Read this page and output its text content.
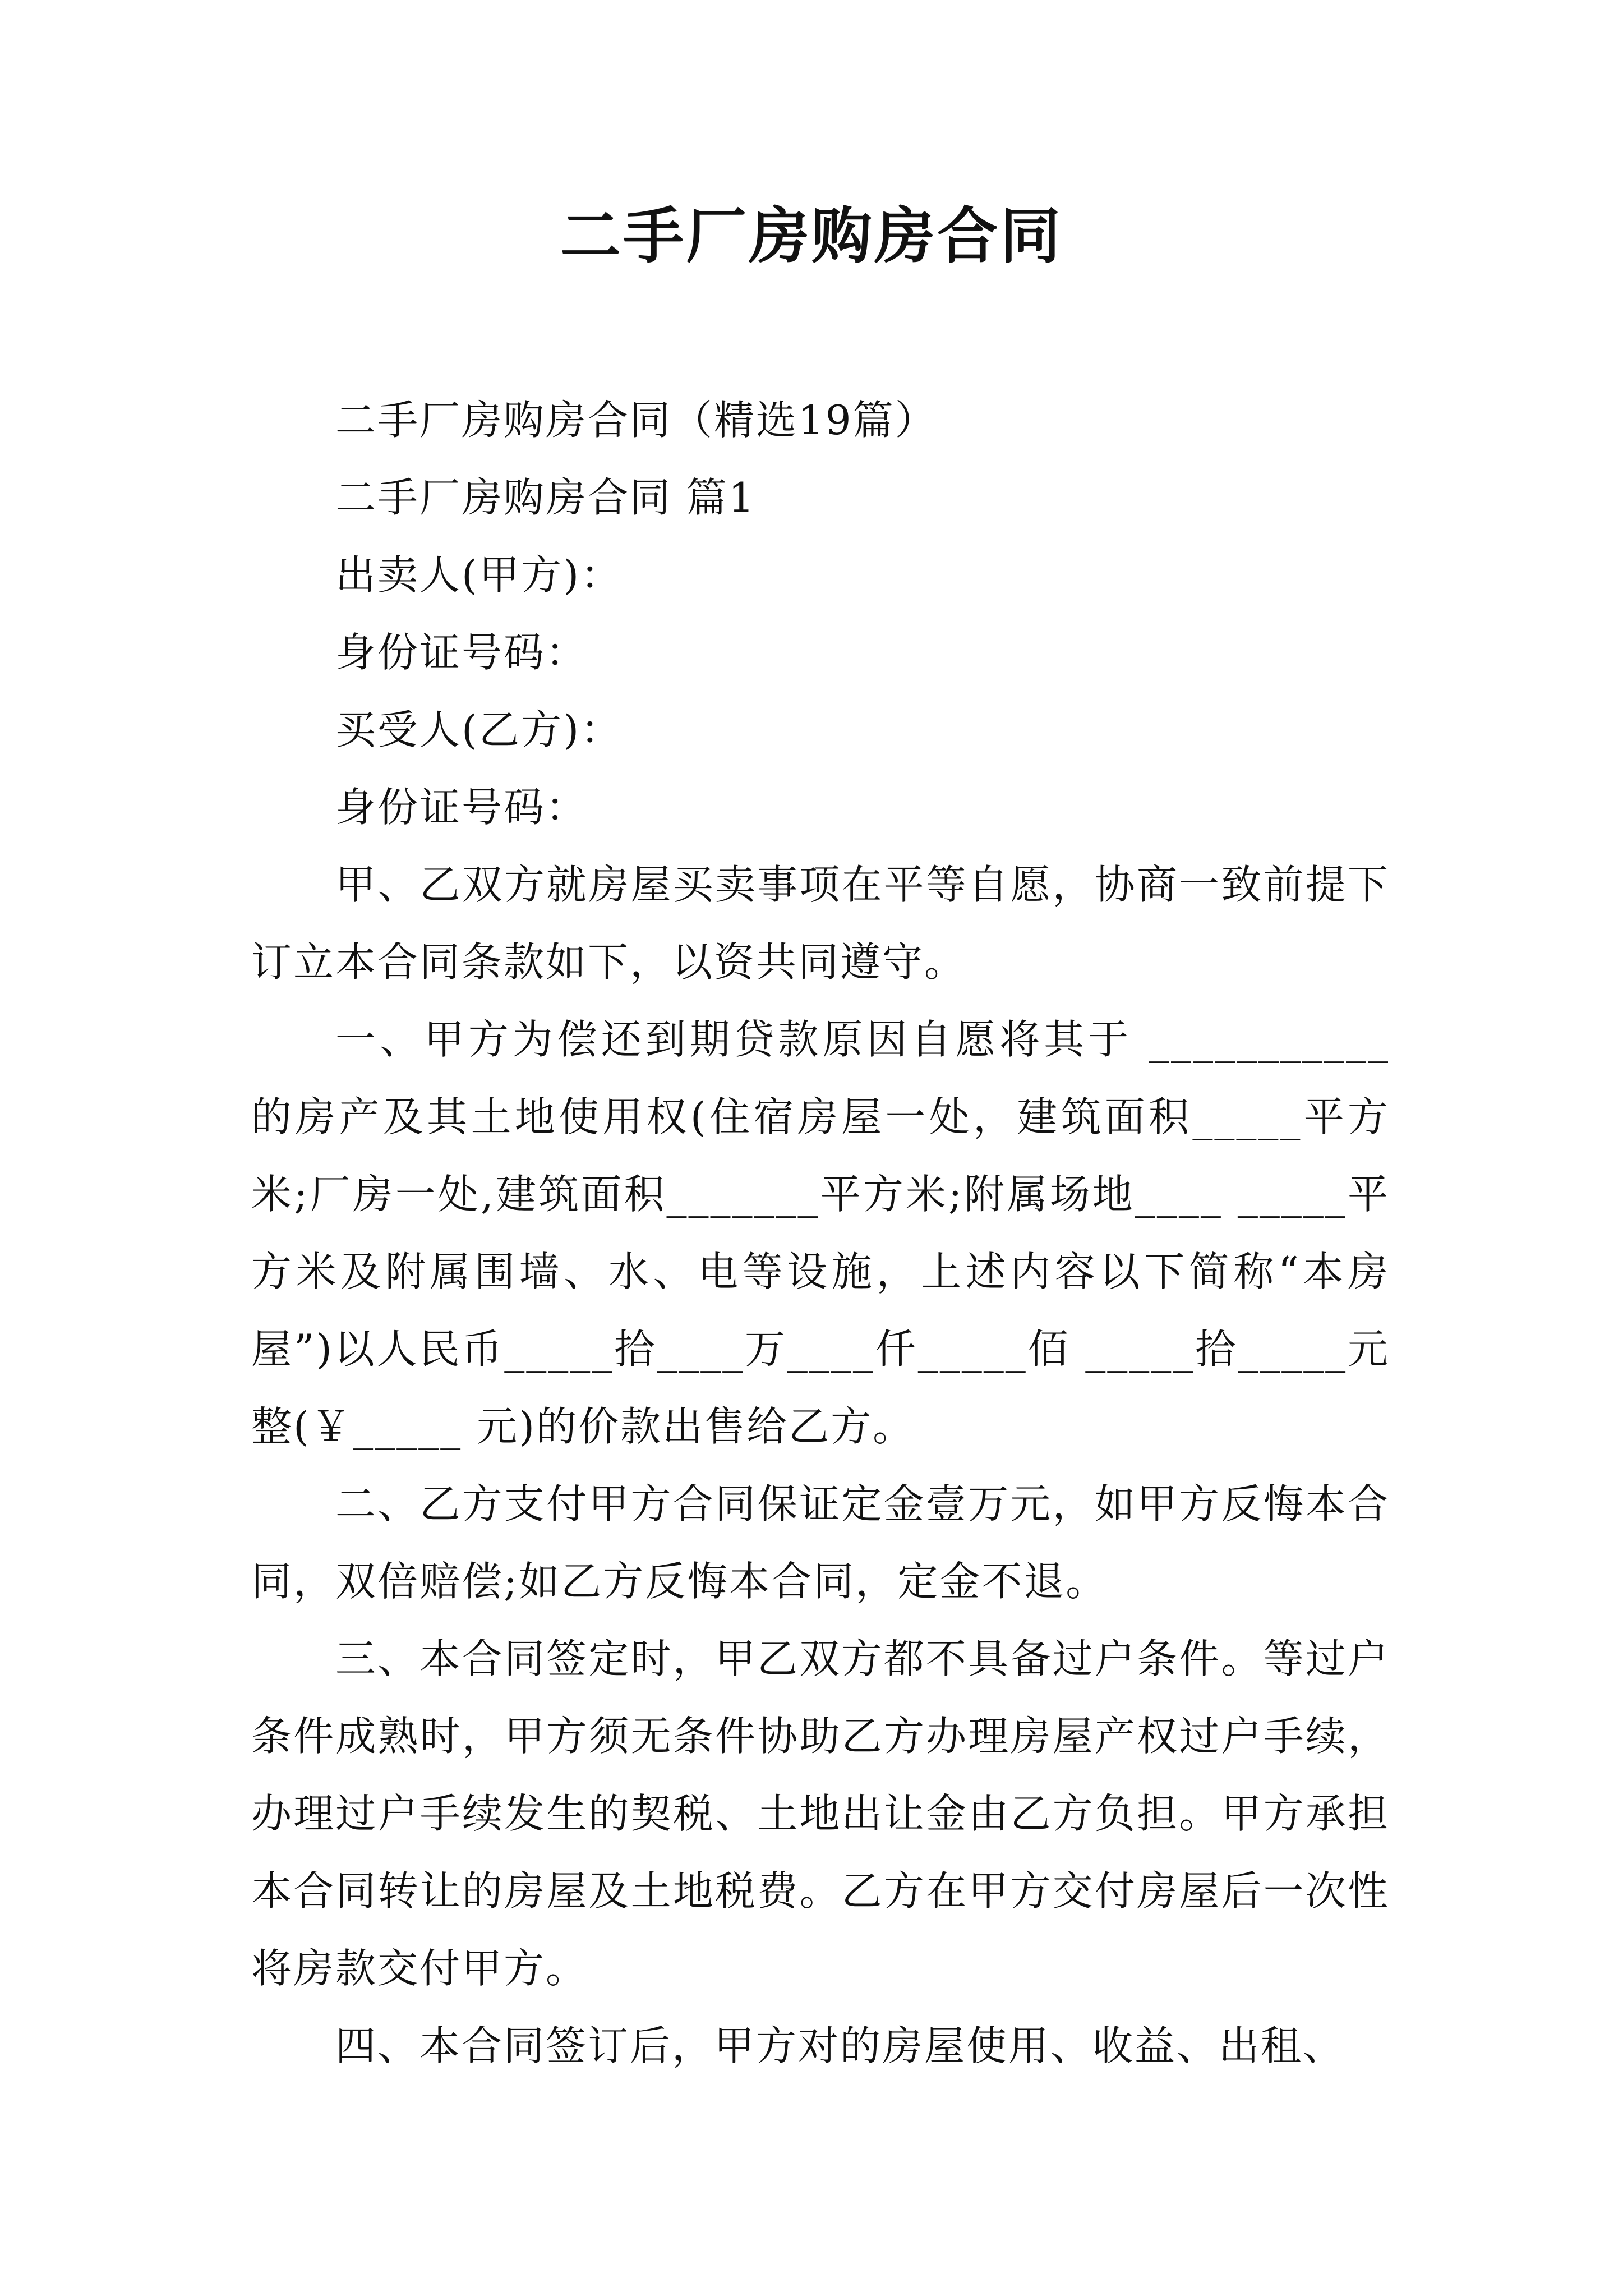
二手厂房购房合同

二手厂房购房合同（精选19篇）

二手厂房购房合同 篇1

出卖人(甲方)：

身份证号码：

买受人(乙方)：

身份证号码：

甲、乙双方就房屋买卖事项在平等自愿，协商一致前提下订立本合同条款如下，以资共同遵守。

一、甲方为偿还到期贷款原因自愿将其于 ___________ 的房产及其土地使用权(住宿房屋一处，建筑面积_____平方米;厂房一处,建筑面积_______平方米;附属场地____ _____平方米及附属围墙、水、电等设施，上述内容以下简称“本房屋”)以人民币_____拾____万____仟_____佰 _____拾_____元整(￥_____ 元)的价款出售给乙方。

二、乙方支付甲方合同保证定金壹万元，如甲方反悔本合同，双倍赔偿;如乙方反悔本合同，定金不退。

三、本合同签定时，甲乙双方都不具备过户条件。等过户条件成熟时，甲方须无条件协助乙方办理房屋产权过户手续，办理过户手续发生的契税、土地出让金由乙方负担。甲方承担本合同转让的房屋及土地税费。乙方在甲方交付房屋后一次性将房款交付甲方。

四、本合同签订后，甲方对的房屋使用、收益、出租、
